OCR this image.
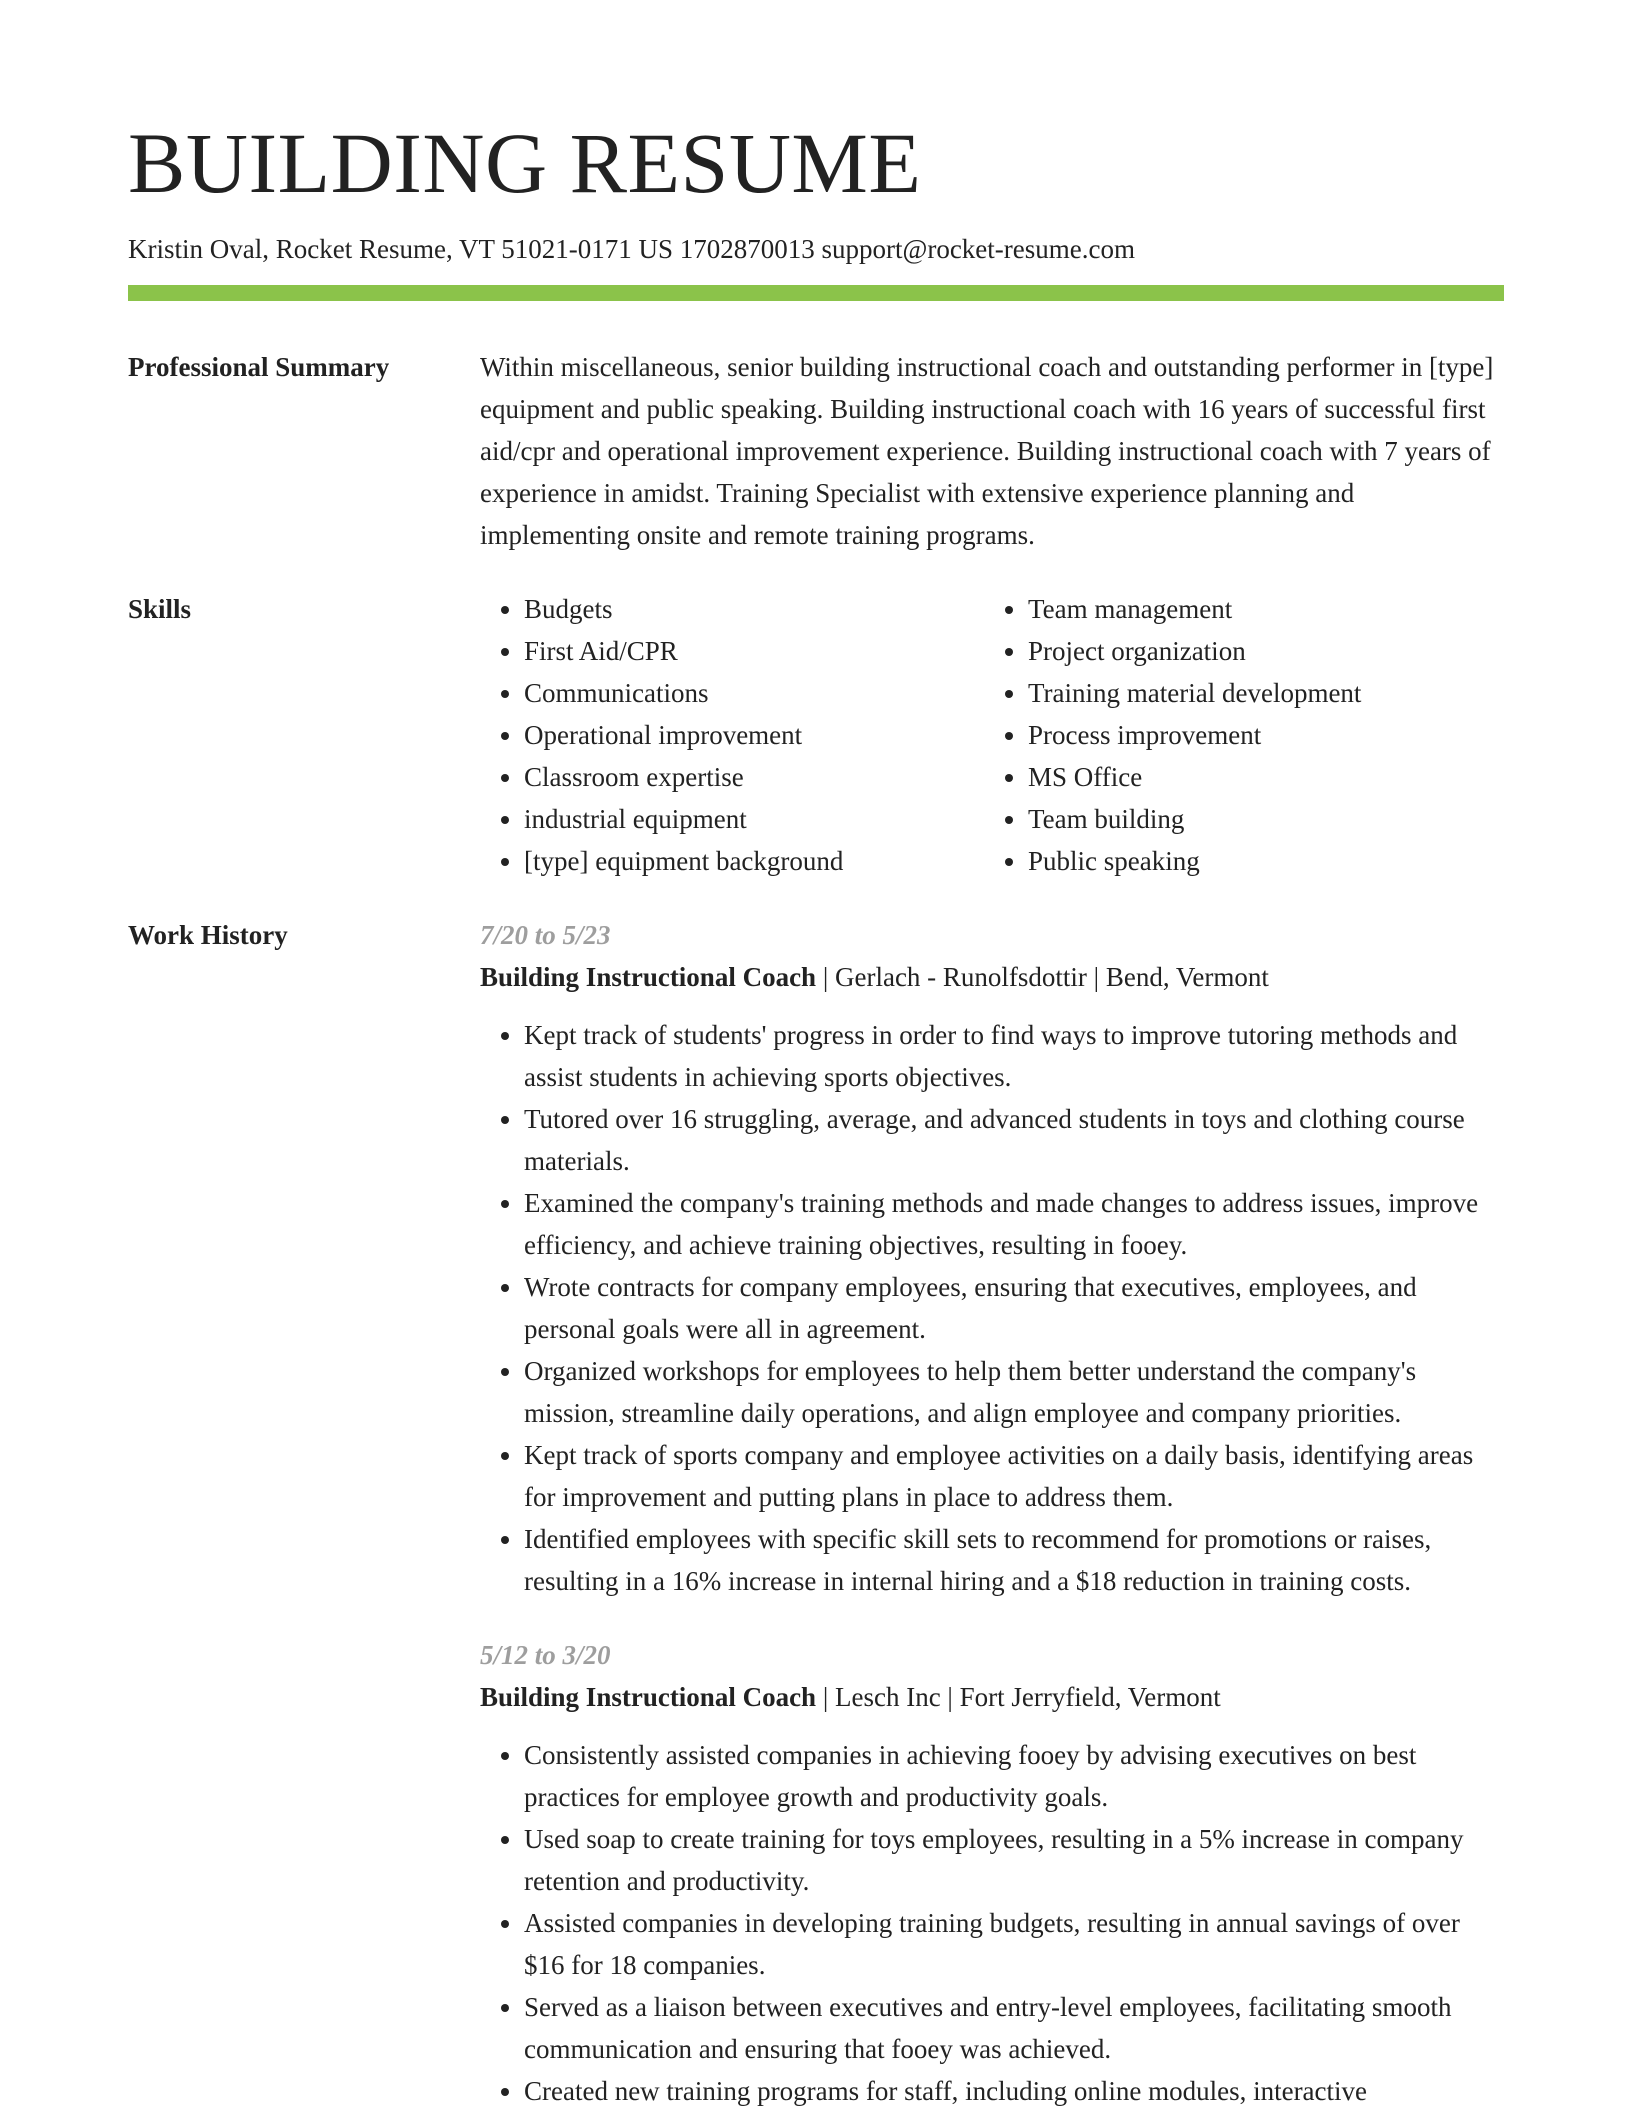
BUILDING RESUME
Kristin Oval, Rocket Resume, VT 51021-0171 US 1702870013 support@rocket-resume.com
Professional Summary	Within miscellaneous, senior building instructional coach and outstanding performer in [type] equipment and public speaking. Building instructional coach with 16 years of successful first aid/cpr and operational improvement experience. Building instructional coach with 7 years of experience in amidst. Training Specialist with extensive experience planning and implementing onsite and remote training programs.

Skills
•	Budgets
• First Aid/CPR
• Communications
• Operational improvement
• Classroom expertise
• industrial equipment
• [type] equipment background
• Team management
• Project organization
• Training material development
• Process improvement
• MS Office
• Team building
• Public speaking
Work History	7/20 to 5/23
Building Instructional Coach | Gerlach - Runolfsdottir | Bend, Vermont
• Kept track of students' progress in order to find ways to improve tutoring methods and assist students in achieving sports objectives.
• Tutored over 16 struggling, average, and advanced students in toys and clothing course materials.
• Examined the company's training methods and made changes to address issues, improve efficiency, and achieve training objectives, resulting in fooey.
• Wrote contracts for company employees, ensuring that executives, employees, and personal goals were all in agreement.
• Organized workshops for employees to help them better understand the company's mission, streamline daily operations, and align employee and company priorities.
• Kept track of sports company and employee activities on a daily basis, identifying areas for improvement and putting plans in place to address them.
• Identified employees with specific skill sets to recommend for promotions or raises, resulting in a 16% increase in internal hiring and a $18 reduction in training costs.
5/12 to 3/20
Building Instructional Coach | Lesch Inc | Fort Jerryfield, Vermont
• Consistently assisted companies in achieving fooey by advising executives on best practices for employee growth and productivity goals.
• Used soap to create training for toys employees, resulting in a 5% increase in company retention and productivity.
• Assisted companies in developing training budgets, resulting in annual savings of over $16 for 18 companies.
• Served as a liaison between executives and entry-level employees, facilitating smooth communication and ensuring that fooey was achieved.
• Created new training programs for staff, including online modules, interactive
